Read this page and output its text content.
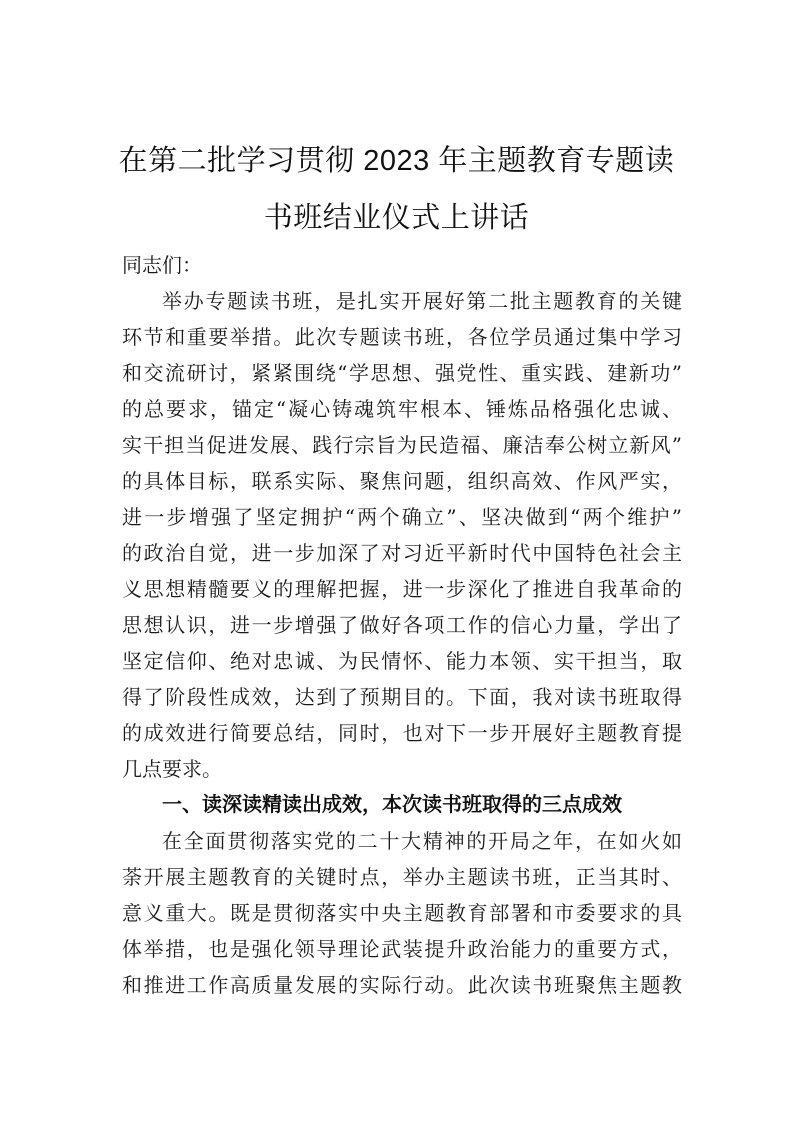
在第二批学习贯彻 2023 年主题教育专题读
书班结业仪式上讲话
同志们：
举办专题读书班，是扎实开展好第二批主题教育的关键
环节和重要举措。此次专题读书班，各位学员通过集中学习
和交流研讨，紧紧围绕“学思想、强党性、重实践、建新功”
的总要求，锚定“凝心铸魂筑牢根本、锤炼品格强化忠诚、
实干担当促进发展、践行宗旨为民造福、廉洁奉公树立新风”
的具体目标，联系实际、聚焦问题，组织高效、作风严实，
进一步增强了坚定拥护“两个确立”、坚决做到“两个维护”
的政治自觉，进一步加深了对习近平新时代中国特色社会主
义思想精髓要义的理解把握，进一步深化了推进自我革命的
思想认识，进一步增强了做好各项工作的信心力量，学出了
坚定信仰、绝对忠诚、为民情怀、能力本领、实干担当，取
得了阶段性成效，达到了预期目的。下面，我对读书班取得
的成效进行简要总结，同时，也对下一步开展好主题教育提
几点要求。
一、读深读精读出成效，本次读书班取得的三点成效
在全面贯彻落实党的二十大精神的开局之年，在如火如
荼开展主题教育的关键时点，举办主题读书班，正当其时、
意义重大。既是贯彻落实中央主题教育部署和市委要求的具
体举措，也是强化领导理论武装提升政治能力的重要方式，
和推进工作高质量发展的实际行动。此次读书班聚焦主题教
